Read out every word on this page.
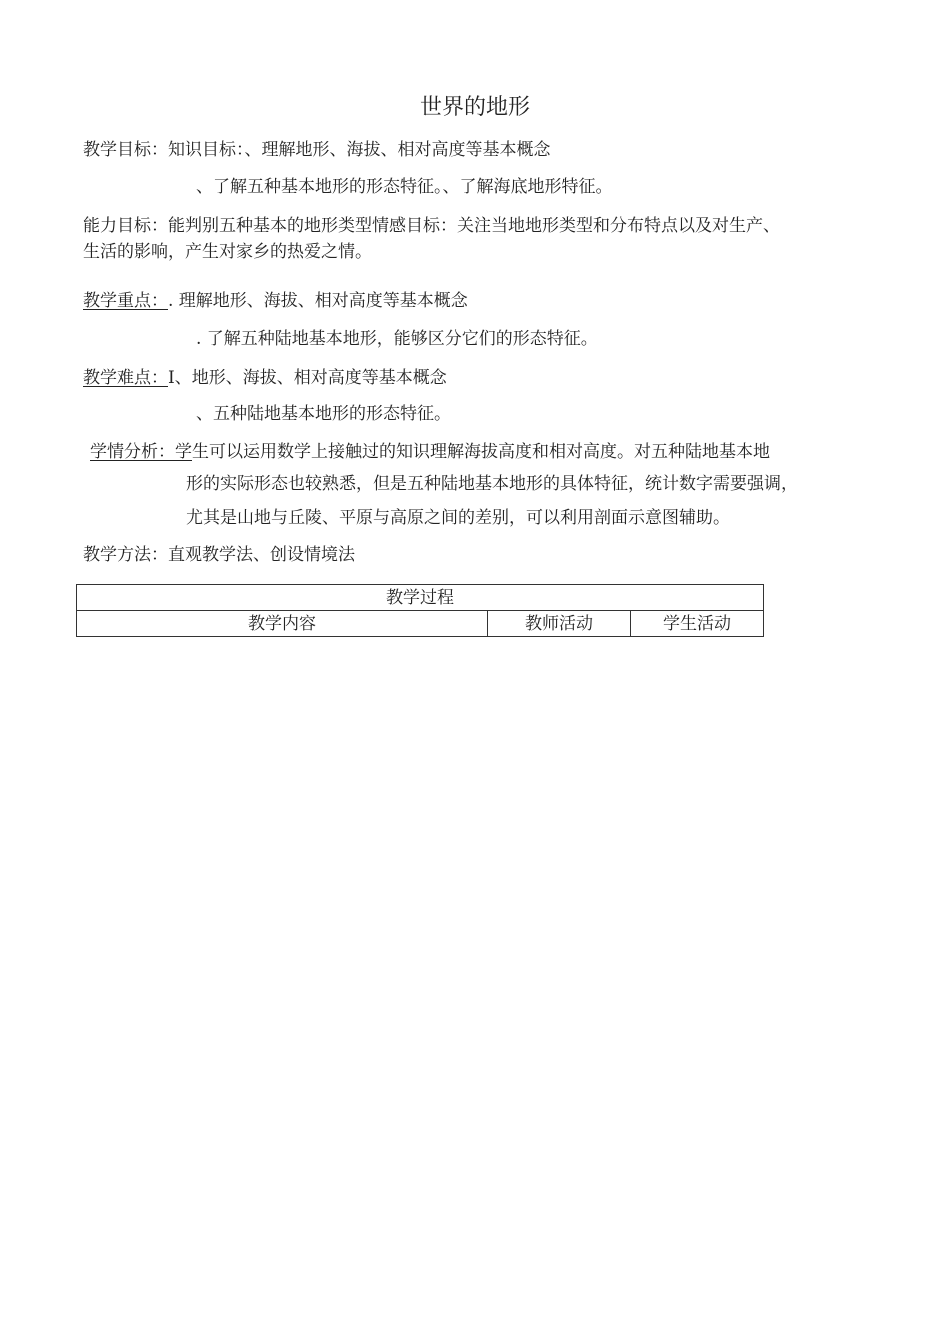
世界的地形
教学目标：知识目标：、理解地形、海拔、相对高度等基本概念
、了解五种基本地形的形态特征。、了解海底地形特征。
能力目标：能判别五种基本的地形类型情感目标：关注当地地形类型和分布特点以及对生产、
生活的影响，产生对家乡的热爱之情。
教学重点：. 理解地形、海拔、相对高度等基本概念
. 了解五种陆地基本地形，能够区分它们的形态特征。
教学难点：I、地形、海拔、相对高度等基本概念
、五种陆地基本地形的形态特征。
学情分析：学生可以运用数学上接触过的知识理解海拔高度和相对高度。对五种陆地基本地
形的实际形态也较熟悉，但是五种陆地基本地形的具体特征，统计数字需要强调，
尤其是山地与丘陵、平原与高原之间的差别，可以利用剖面示意图辅助。
教学方法：直观教学法、创设情境法
教学过程
教学内容	教师活动	学生活动
